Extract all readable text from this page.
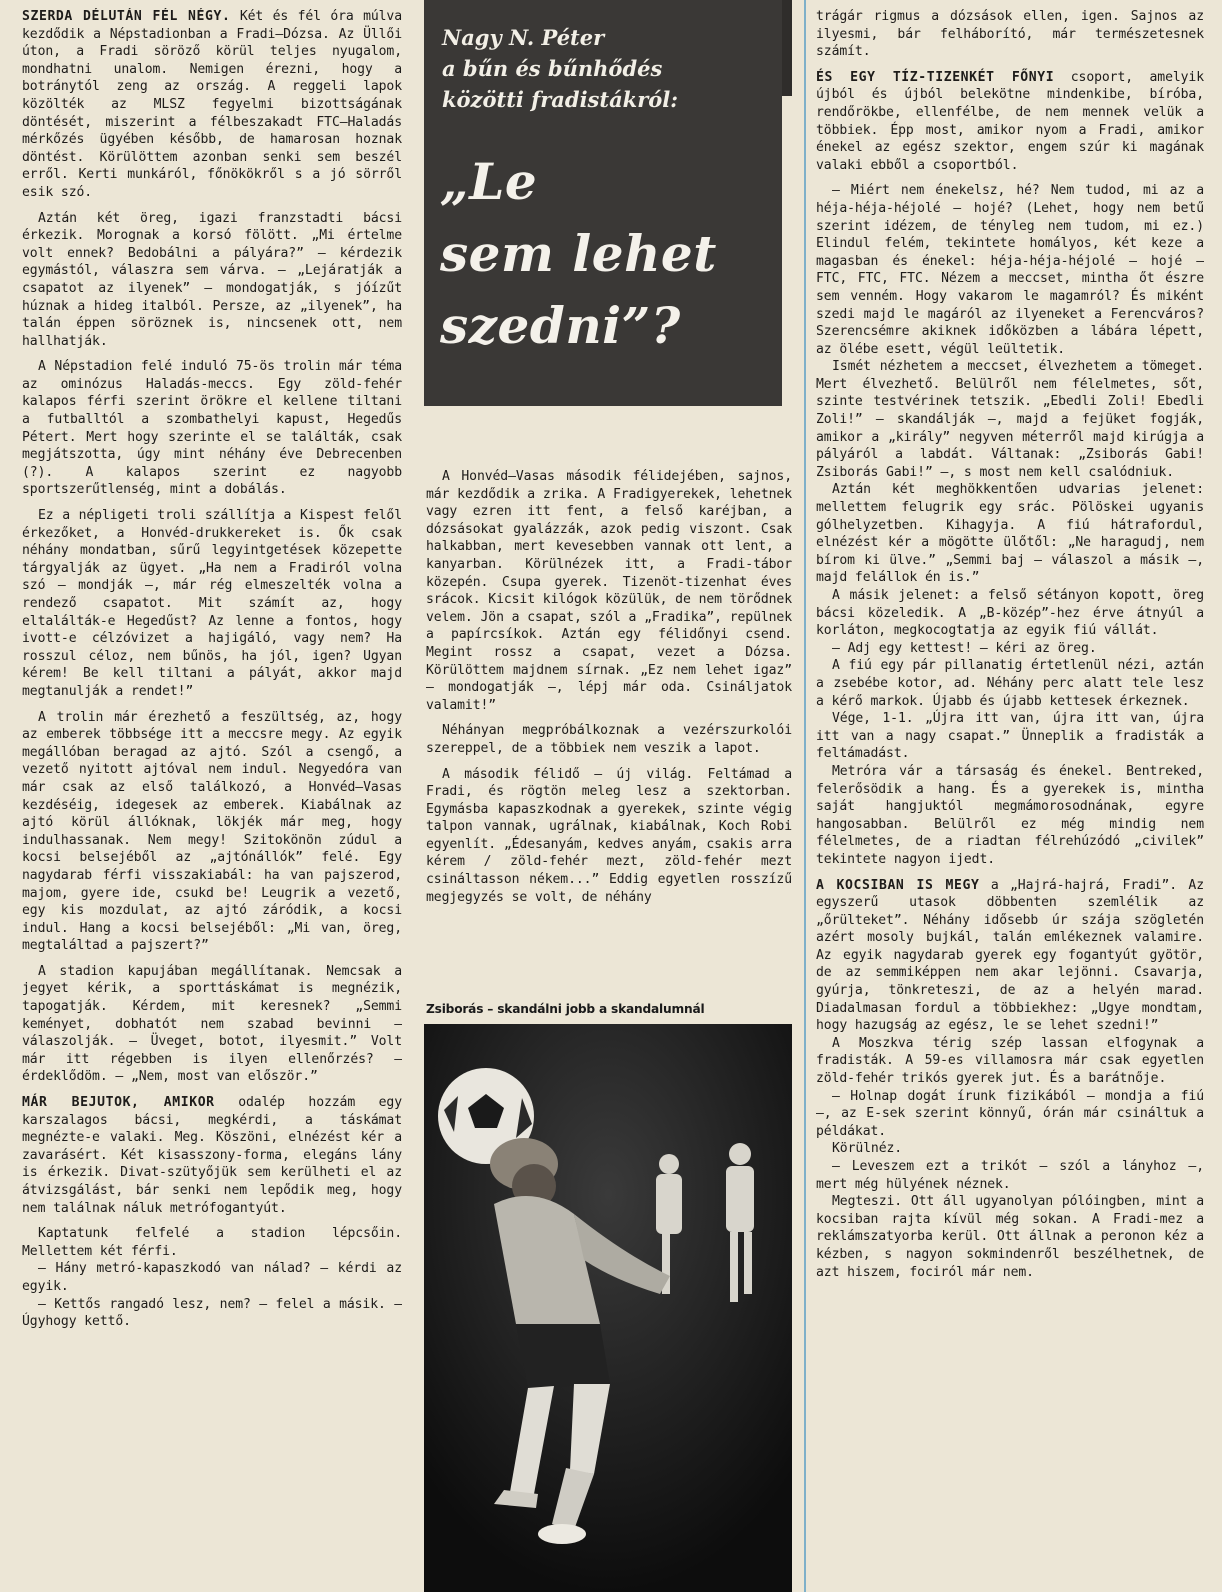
SZERDA DÉLUTÁN FÉL NÉGY. Két és fél óra múlva kezdődik a Népstadionban a Fradi—Dózsa. Az Üllői úton, a Fradi söröző körül teljes nyugalom, mondhatni unalom. Nemigen érezni, hogy a botránytól zeng az ország. A reggeli lapok közölték az MLSZ fegyelmi bizottságának döntését, miszerint a félbeszakadt FTC—Haladás mérkőzés ügyében később, de hamarosan hoznak döntést. Körülöttem azonban senki sem beszél erről. Kerti munkáról, főnökökről s a jó sörről esik szó.

Aztán két öreg, igazi franzstadti bácsi érkezik. Morognak a korsó fölött. „Mi értelme volt ennek? Bedobálni a pályára?” — kérdezik egymástól, válaszra sem várva. — „Lejáratják a csapatot az ilyenek” — mondogatják, s jóízűt húznak a hideg italból. Persze, az „ilyenek”, ha talán éppen söröznek is, nincsenek ott, nem hallhatják.

A Népstadion felé induló 75-ös trolin már téma az ominózus Haladás-meccs. Egy zöld-fehér kalapos férfi szerint örökre el kellene tiltani a futballtól a szombathelyi kapust, Hegedűs Pétert. Mert hogy szerinte el se találták, csak megjátszotta, úgy mint néhány éve Debrecenben (?). A kalapos szerint ez nagyobb sportszerűtlenség, mint a dobálás.

Ez a népligeti troli szállítja a Kispest felől érkezőket, a Honvéd-drukkereket is. Ők csak néhány mondatban, sűrű legyintgetések közepette tárgyalják az ügyet. „Ha nem a Fradiról volna szó — mondják —, már rég elmeszelték volna a rendező csapatot. Mit számít az, hogy eltalálták-e Hegedűst? Az lenne a fontos, hogy ivott-e célzóvizet a hajigáló, vagy nem? Ha rosszul céloz, nem bűnös, ha jól, igen? Ugyan kérem! Be kell tiltani a pályát, akkor majd megtanulják a rendet!”

A trolin már érezhető a feszültség, az, hogy az emberek többsége itt a meccsre megy. Az egyik megállóban beragad az ajtó. Szól a csengő, a vezető nyitott ajtóval nem indul. Negyedóra van már csak az első találkozó, a Honvéd—Vasas kezdéséig, idegesek az emberek. Kiabálnak az ajtó körül állóknak, lökjék már meg, hogy indulhassanak. Nem megy! Szitokönön zúdul a kocsi belsejéből az „ajtónállók” felé. Egy nagydarab férfi visszakiabál: ha van pajszerod, majom, gyere ide, csukd be! Leugrik a vezető, egy kis mozdulat, az ajtó záródik, a kocsi indul. Hang a kocsi belsejéből: „Mi van, öreg, megtaláltad a pajszert?”

A stadion kapujában megállítanak. Nemcsak a jegyet kérik, a sporttáskámat is megnézik, tapogatják. Kérdem, mit keresnek? „Semmi keményet, dobhatót nem szabad bevinni — válaszolják. — Üveget, botot, ilyesmit.” Volt már itt régebben is ilyen ellenőrzés? — érdeklődöm. — „Nem, most van először.”

MÁR BEJUTOK, AMIKOR odalép hozzám egy karszalagos bácsi, megkérdi, a táskámat megnézte-e valaki. Meg. Köszöni, elnézést kér a zavarásért. Két kisasszony-forma, elegáns lány is érkezik. Divat-szütyőjük sem kerülheti el az átvizsgálást, bár senki nem lepődik meg, hogy nem találnak náluk metrófogantyút.

Kaptatunk felfelé a stadion lépcsőin. Mellettem két férfi.

— Hány metró-kapaszkodó van nálad? — kérdi az egyik.

— Kettős rangadó lesz, nem? — felel a másik. — Úgyhogy kettő.

Nagy N. Péter
a bűn és bűnhődés
közötti fradistákról:
„Le
sem lehet
szedni”?

A Honvéd—Vasas második félidejében, sajnos, már kezdődik a zrika. A Fradigyerekek, lehetnek vagy ezren itt fent, a felső karéjban, a dózsásokat gyalázzák, azok pedig viszont. Csak halkabban, mert kevesebben vannak ott lent, a kanyarban. Körülnézek itt, a Fradi-tábor közepén. Csupa gyerek. Tizenöt-tizenhat éves srácok. Kicsit kilógok közülük, de nem törődnek velem. Jön a csapat, szól a „Fradika”, repülnek a papírcsíkok. Aztán egy félidőnyi csend. Megint rossz a csapat, vezet a Dózsa. Körülöttem majdnem sírnak. „Ez nem lehet igaz” — mondogatják —, lépj már oda. Csináljatok valamit!”

Néhányan megpróbálkoznak a vezérszurkolói szereppel, de a többiek nem veszik a lapot.

A második félidő — új világ. Feltámad a Fradi, és rögtön meleg lesz a szektorban. Egymásba kapaszkodnak a gyerekek, szinte végig talpon vannak, ugrálnak, kiabálnak, Koch Robi egyenlít. „Édesanyám, kedves anyám, csakis arra kérem / zöld-fehér mezt, zöld-fehér mezt csináltasson nékem...” Eddig egyetlen rosszízű megjegyzés se volt, de néhány

Zsiborás – skandálni jobb a skandalumnál

trágár rigmus a dózsások ellen, igen. Sajnos az ilyesmi, bár felháborító, már természetesnek számít.

ÉS EGY TÍZ-TIZENKÉT FŐNYI csoport, amelyik újból és újból belekötne mindenkibe, bíróba, rendőrökbe, ellenfélbe, de nem mennek velük a többiek. Épp most, amikor nyom a Fradi, amikor énekel az egész szektor, engem szúr ki magának valaki ebből a csoportból.

— Miért nem énekelsz, hé? Nem tudod, mi az a héja-héja-héjolé — hojé? (Lehet, hogy nem betű szerint idézem, de tényleg nem tudom, mi ez.) Elindul felém, tekintete homályos, két keze a magasban és énekel: héja-héja-héjolé — hojé — FTC, FTC, FTC. Nézem a meccset, mintha őt észre sem venném. Hogy vakarom le magamról? És miként szedi majd le magáról az ilyeneket a Ferencváros? Szerencsémre akiknek időközben a lábára lépett, az ölébe esett, végül leültetik.

Ismét nézhetem a meccset, élvezhetem a tömeget. Mert élvezhető. Belülről nem félelmetes, sőt, szinte testvérinek tetszik. „Ebedli Zoli! Ebedli Zoli!” — skandálják —, majd a fejüket fogják, amikor a „király” negyven méterről majd kirúgja a pályáról a labdát. Váltanak: „Zsiborás Gabi! Zsiborás Gabi!” —, s most nem kell csalódniuk.

Aztán két meghökkentően udvarias jelenet: mellettem felugrik egy srác. Pölöskei ugyanis gólhelyzetben. Kihagyja. A fiú hátrafordul, elnézést kér a mögötte ülőtől: „Ne haragudj, nem bírom ki ülve.” „Semmi baj — válaszol a másik —, majd felállok én is.”

A másik jelenet: a felső sétányon kopott, öreg bácsi közeledik. A „B-közép”-hez érve átnyúl a korláton, megkocogtatja az egyik fiú vállát.

— Adj egy kettest! — kéri az öreg.

A fiú egy pár pillanatig értetlenül nézi, aztán a zsebébe kotor, ad. Néhány perc alatt tele lesz a kérő markok. Újabb és újabb kettesek érkeznek.

Vége, 1-1. „Újra itt van, újra itt van, újra itt van a nagy csapat.” Ünneplik a fradisták a feltámadást.

Metróra vár a társaság és énekel. Bentreked, felerősödik a hang. És a gyerekek is, mintha saját hangjuktól megmámorosodnának, egyre hangosabban. Belülről ez még mindig nem félelmetes, de a riadtan félrehúzódó „civilek” tekintete nagyon ijedt.

A KOCSIBAN IS MEGY a „Hajrá-hajrá, Fradi”. Az egyszerű utasok döbbenten szemlélik az „őrülteket”. Néhány idősebb úr szája szögletén azért mosoly bujkál, talán emlékeznek valamire. Az egyik nagydarab gyerek egy fogantyút gyötör, de az semmiképpen nem akar lejönni. Csavarja, gyúrja, tönkreteszi, de az a helyén marad. Diadalmasan fordul a többiekhez: „Ugye mondtam, hogy hazugság az egész, le se lehet szedni!”

A Moszkva térig szép lassan elfogynak a fradisták. A 59-es villamosra már csak egyetlen zöld-fehér trikós gyerek jut. És a barátnője.

— Holnap dogát írunk fizikából — mondja a fiú —, az E-sek szerint könnyű, órán már csináltuk a példákat.

Körülnéz.

— Leveszem ezt a trikót — szól a lányhoz —, mert még hülyének néznek.

Megteszi. Ott áll ugyanolyan pólóingben, mint a kocsiban rajta kívül még sokan. A Fradi-mez a reklámszatyorba kerül. Ott állnak a peronon kéz a kézben, s nagyon sokmindenről beszélhetnek, de azt hiszem, fociról már nem.
